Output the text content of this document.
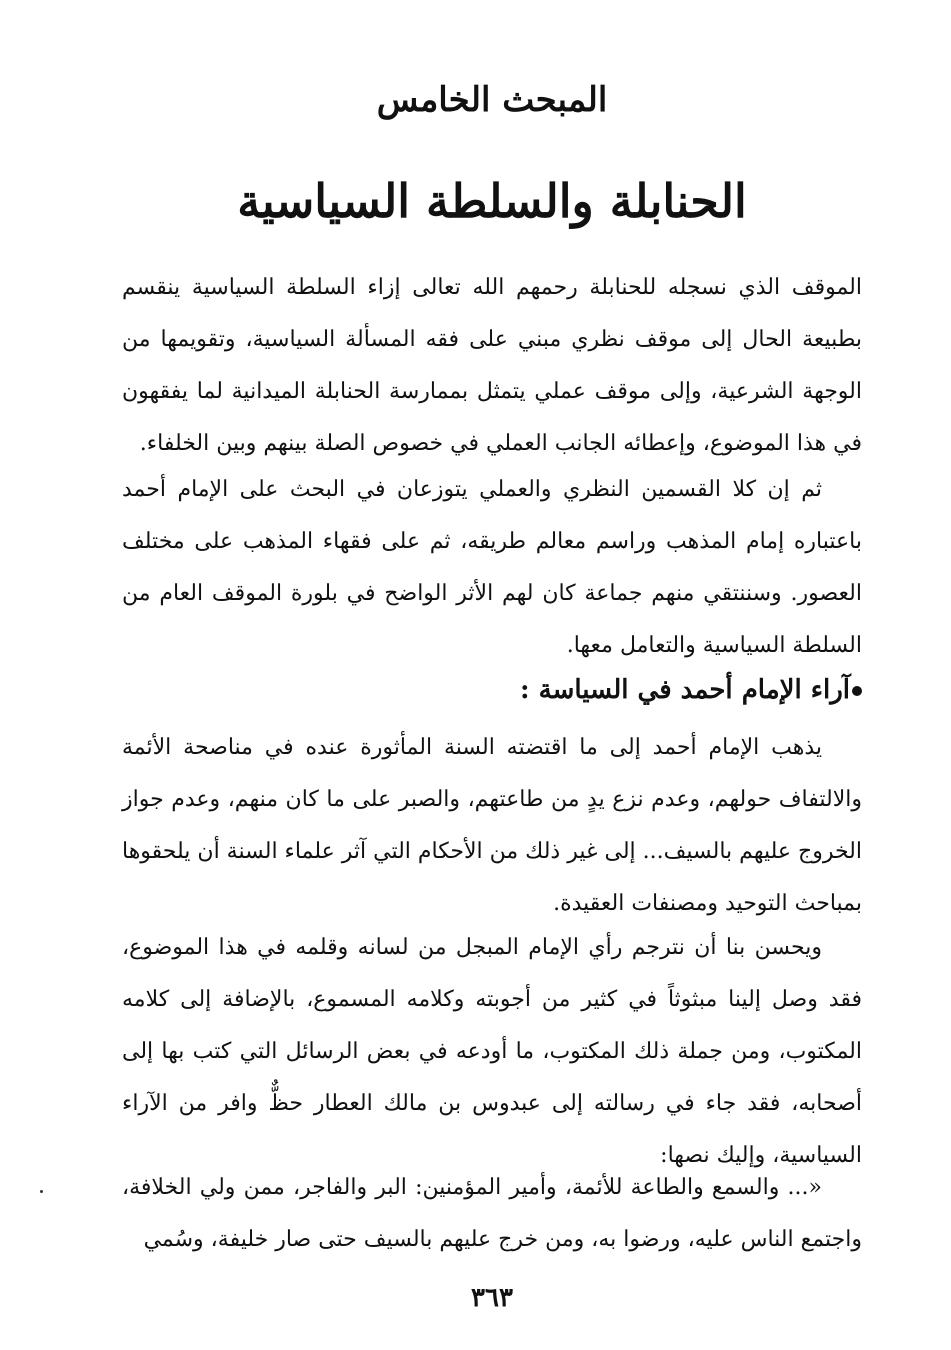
المبحث الخامس
الحنابلة والسلطة السياسية

الموقف الذي نسجله للحنابلة رحمهم الله تعالى إزاء السلطة السياسية ينقسم بطبيعة الحال إلى موقف نظري مبني على فقه المسألة السياسية، وتقويمها من الوجهة الشرعية، وإلى موقف عملي يتمثل بممارسة الحنابلة الميدانية لما يفقهون في هذا الموضوع، وإعطائه الجانب العملي في خصوص الصلة بينهم وبين الخلفاء.

ثم إن كلا القسمين النظري والعملي يتوزعان في البحث على الإمام أحمد باعتباره إمام المذهب وراسم معالم طريقه، ثم على فقهاء المذهب على مختلف العصور. وسننتقي منهم جماعة كان لهم الأثر الواضح في بلورة الموقف العام من السلطة السياسية والتعامل معها.

آراء الإمام أحمد في السياسة :

يذهب الإمام أحمد إلى ما اقتضته السنة المأثورة عنده في مناصحة الأئمة والالتفاف حولهم، وعدم نزع يدٍ من طاعتهم، والصبر على ما كان منهم، وعدم جواز الخروج عليهم بالسيف... إلى غير ذلك من الأحكام التي آثر علماء السنة أن يلحقوها بمباحث التوحيد ومصنفات العقيدة.

ويحسن بنا أن نترجم رأي الإمام المبجل من لسانه وقلمه في هذا الموضوع، فقد وصل إلينا مبثوثاً في كثير من أجوبته وكلامه المسموع، بالإضافة إلى كلامه المكتوب، ومن جملة ذلك المكتوب، ما أودعه في بعض الرسائل التي كتب بها إلى أصحابه، فقد جاء في رسالته إلى عبدوس بن مالك العطار حظٌّ وافر من الآراء السياسية، وإليك نصها:

«... والسمع والطاعة للأئمة، وأمير المؤمنين: البر والفاجر، ممن ولي الخلافة، واجتمع الناس عليه، ورضوا به، ومن خرج عليهم بالسيف حتى صار خليفة، وسُمي

٣٦٣
